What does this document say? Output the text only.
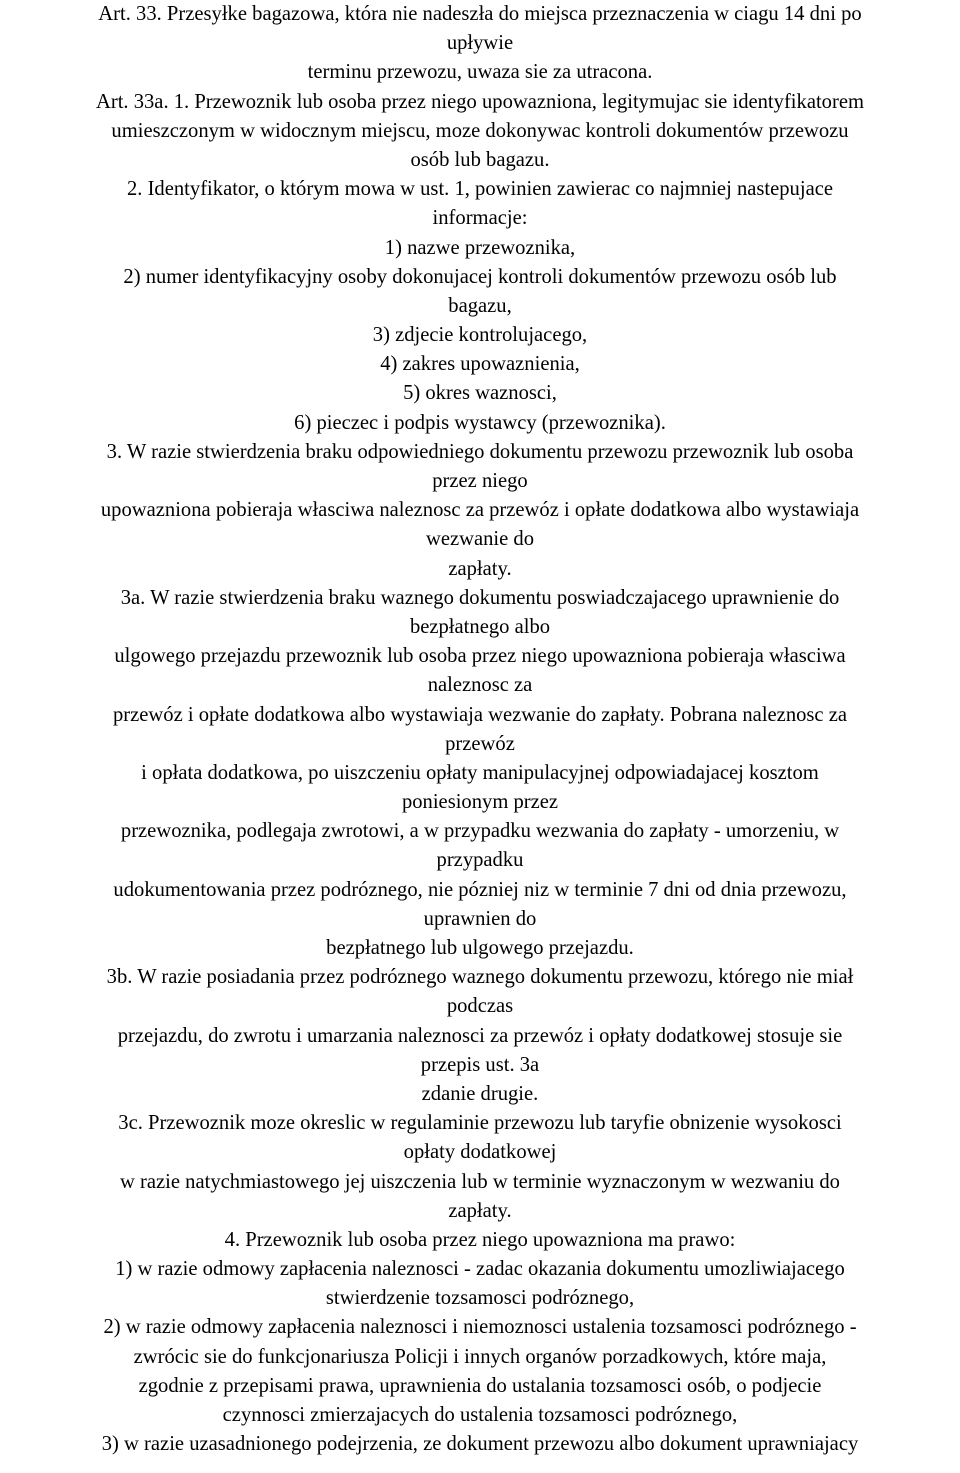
Art. 33. Przesyłke bagazowa, która nie nadeszła do miejsca przeznaczenia w ciagu 14 dni po
upływie
terminu przewozu, uwaza sie za utracona.
Art. 33a. 1. Przewoznik lub osoba przez niego upowazniona, legitymujac sie identyfikatorem
umieszczonym w widocznym miejscu, moze dokonywac kontroli dokumentów przewozu
osób lub bagazu.
2. Identyfikator, o którym mowa w ust. 1, powinien zawierac co najmniej nastepujace
informacje:
1) nazwe przewoznika,
2) numer identyfikacyjny osoby dokonujacej kontroli dokumentów przewozu osób lub
bagazu,
3) zdjecie kontrolujacego,
4) zakres upowaznienia,
5) okres waznosci,
6) pieczec i podpis wystawcy (przewoznika).
3. W razie stwierdzenia braku odpowiedniego dokumentu przewozu przewoznik lub osoba
przez niego
upowazniona pobieraja własciwa naleznosc za przewóz i opłate dodatkowa albo wystawiaja
wezwanie do
zapłaty.
3a. W razie stwierdzenia braku waznego dokumentu poswiadczajacego uprawnienie do
bezpłatnego albo
ulgowego przejazdu przewoznik lub osoba przez niego upowazniona pobieraja własciwa
naleznosc za
przewóz i opłate dodatkowa albo wystawiaja wezwanie do zapłaty. Pobrana naleznosc za
przewóz
i opłata dodatkowa, po uiszczeniu opłaty manipulacyjnej odpowiadajacej kosztom
poniesionym przez
przewoznika, podlegaja zwrotowi, a w przypadku wezwania do zapłaty - umorzeniu, w
przypadku
udokumentowania przez podróznego, nie pózniej niz w terminie 7 dni od dnia przewozu,
uprawnien do
bezpłatnego lub ulgowego przejazdu.
3b. W razie posiadania przez podróznego waznego dokumentu przewozu, którego nie miał
podczas
przejazdu, do zwrotu i umarzania naleznosci za przewóz i opłaty dodatkowej stosuje sie
przepis ust. 3a
zdanie drugie.
3c. Przewoznik moze okreslic w regulaminie przewozu lub taryfie obnizenie wysokosci
opłaty dodatkowej
w razie natychmiastowego jej uiszczenia lub w terminie wyznaczonym w wezwaniu do
zapłaty.
4. Przewoznik lub osoba przez niego upowazniona ma prawo:
1) w razie odmowy zapłacenia naleznosci - zadac okazania dokumentu umozliwiajacego
stwierdzenie tozsamosci podróznego,
2) w razie odmowy zapłacenia naleznosci i niemoznosci ustalenia tozsamosci podróznego -
zwrócic sie do funkcjonariusza Policji i innych organów porzadkowych, które maja,
zgodnie z przepisami prawa, uprawnienia do ustalania tozsamosci osób, o podjecie
czynnosci zmierzajacych do ustalenia tozsamosci podróznego,
3) w razie uzasadnionego podejrzenia, ze dokument przewozu albo dokument uprawniajacy
